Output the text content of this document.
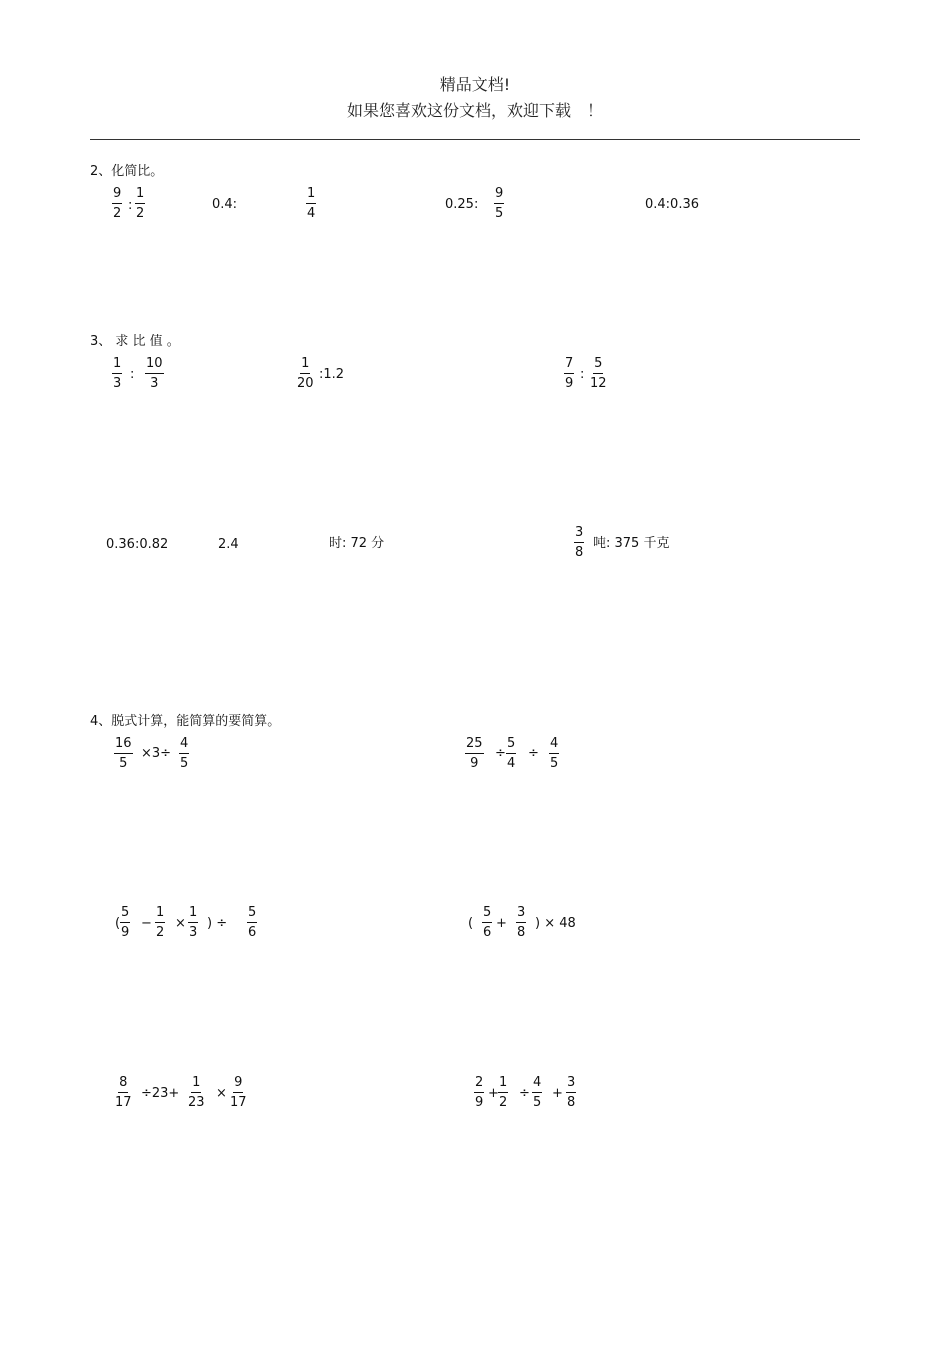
精品文档!
如果您喜欢这份文档，欢迎下载　！
2、化简比。
$\frac{9}{2}$ : $\frac{1}{2}$	0.4:	$\frac{1}{4}$	0.25: $\frac{9}{5}$	0.4:0.36
3、 求 比 值 。
$\frac{1}{3}$ : $\frac{10}{3}$	$\frac{1}{20}$ :1.2	$\frac{7}{9}$ : $\frac{5}{12}$
0.36:0.82	2.4	时: 72 分	$\frac{3}{8}$ 吨: 375 千克
4、脱式计算，能简算的要简算。
$\frac{16}{5} \times 3\div \frac{4}{5}$	$\frac{25}{9} \div \frac{5}{4} \div \frac{4}{5}$
( $\frac{5}{9} - \frac{1}{2} \times \frac{1}{3}$ ) ÷ $\frac{5}{6}$	( $\frac{5}{6} + \frac{3}{8}$ ) × 48
$\frac{8}{17} \div 23+ \frac{1}{23} \times \frac{9}{17}$	$\frac{2}{9} + \frac{1}{2} \div \frac{4}{5} + \frac{3}{8}$
